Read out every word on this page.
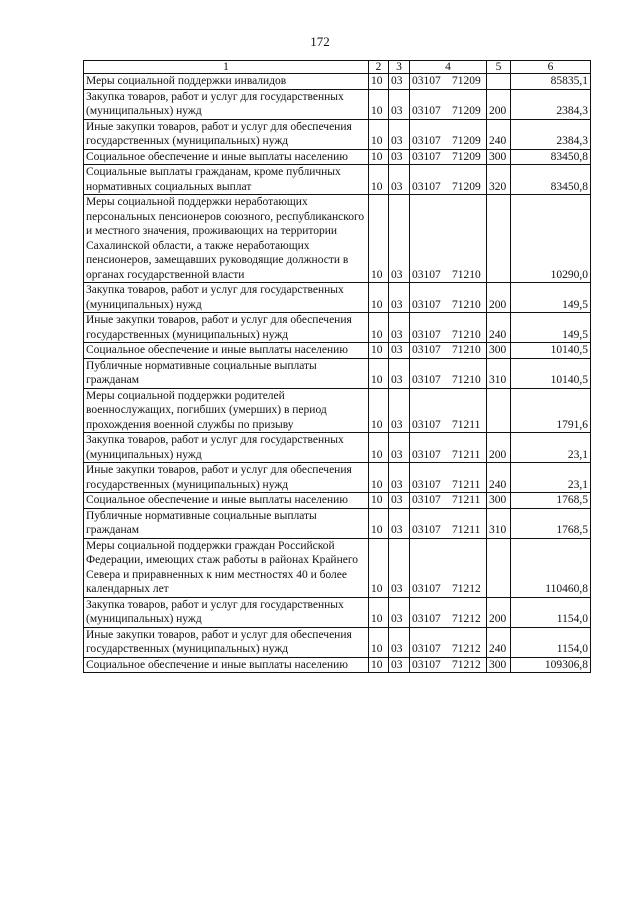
172
1	2	3	4	5	6
Меры социальной поддержки инвалидов	10	03	03107 71209		85835,1
Закупка товаров, работ и услуг для государственных (муниципальных) нужд	10	03	03107 71209	200	2384,3
Иные закупки товаров, работ и услуг для обеспечения государственных (муниципальных) нужд	10	03	03107 71209	240	2384,3
Социальное обеспечение и иные выплаты населению	10	03	03107 71209	300	83450,8
Социальные выплаты гражданам, кроме публичных нормативных социальных выплат	10	03	03107 71209	320	83450,8
Меры социальной поддержки неработающих персональных пенсионеров союзного, республиканского и местного значения, проживающих на территории Сахалинской области, а также неработающих пенсионеров, замещавших руководящие должности в органах государственной власти	10	03	03107 71210		10290,0
Закупка товаров, работ и услуг для государственных (муниципальных) нужд	10	03	03107 71210	200	149,5
Иные закупки товаров, работ и услуг для обеспечения государственных (муниципальных) нужд	10	03	03107 71210	240	149,5
Социальное обеспечение и иные выплаты населению	10	03	03107 71210	300	10140,5
Публичные нормативные социальные выплаты гражданам	10	03	03107 71210	310	10140,5
Меры социальной поддержки родителей военнослужащих, погибших (умерших) в период прохождения военной службы по призыву	10	03	03107 71211		1791,6
Закупка товаров, работ и услуг для государственных (муниципальных) нужд	10	03	03107 71211	200	23,1
Иные закупки товаров, работ и услуг для обеспечения государственных (муниципальных) нужд	10	03	03107 71211	240	23,1
Социальное обеспечение и иные выплаты населению	10	03	03107 71211	300	1768,5
Публичные нормативные социальные выплаты гражданам	10	03	03107 71211	310	1768,5
Меры социальной поддержки граждан Российской Федерации, имеющих стаж работы в районах Крайнего Севера и приравненных к ним местностях 40 и более календарных лет	10	03	03107 71212		110460,8
Закупка товаров, работ и услуг для государственных (муниципальных) нужд	10	03	03107 71212	200	1154,0
Иные закупки товаров, работ и услуг для обеспечения государственных (муниципальных) нужд	10	03	03107 71212	240	1154,0
Социальное обеспечение и иные выплаты населению	10	03	03107 71212	300	109306,8
